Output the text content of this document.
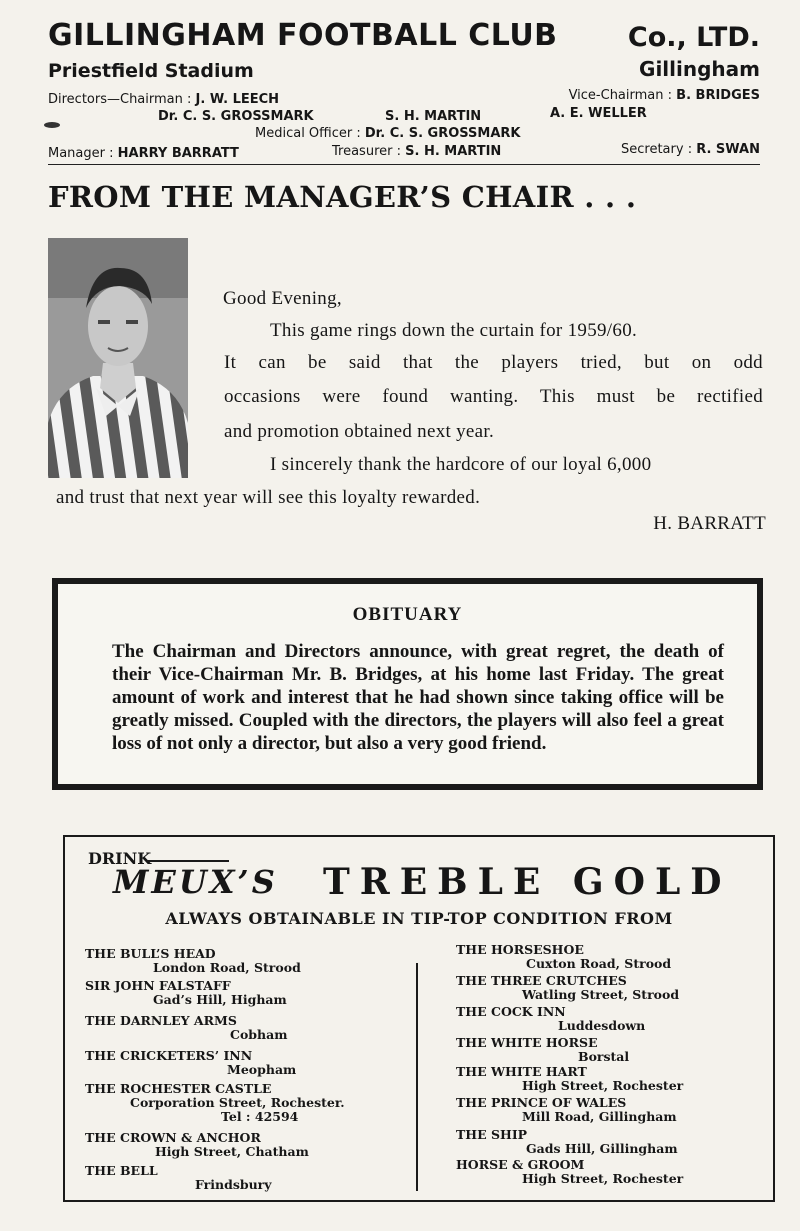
GILLINGHAM FOOTBALL CLUB	Co., LTD.
Priestfield Stadium	Gillingham
Directors—Chairman : J. W. LEECH	Vice-Chairman : B. BRIDGES
Dr. C. S. GROSSMARK	S. H. MARTIN	A. E. WELLER
Medical Officer : Dr. C. S. GROSSMARK
Manager : HARRY BARRATT	Treasurer : S. H. MARTIN	Secretary : R. SWAN
FROM THE MANAGER’S CHAIR . . .
Good Evening,
This game rings down the curtain for 1959/60.
It can be said that the players tried, but on odd
occasions were found wanting. This must be rectified
and promotion obtained next year.
I sincerely thank the hardcore of our loyal 6,000
and trust that next year will see this loyalty rewarded.
H. BARRATT
OBITUARY
The Chairman and Directors announce, with great regret, the death of their Vice-Chairman Mr. B. Bridges, at his home last Friday. The great amount of work and interest that he had shown since taking office will be greatly missed. Coupled with the directors, the players will also feel a great loss of not only a director, but also a very good friend.
DRINK
MEUX’S TREBLE GOLD
ALWAYS OBTAINABLE IN TIP-TOP CONDITION FROM
THE BULL’S HEAD
London Road, Strood
SIR JOHN FALSTAFF
Gad’s Hill, Higham
THE DARNLEY ARMS
Cobham
THE CRICKETERS’ INN
Meopham
THE ROCHESTER CASTLE
Corporation Street, Rochester.
Tel : 42594
THE CROWN & ANCHOR
High Street, Chatham
THE BELL
Frindsbury
THE HORSESHOE
Cuxton Road, Strood
THE THREE CRUTCHES
Watling Street, Strood
THE COCK INN
Luddesdown
THE WHITE HORSE
Borstal
THE WHITE HART
High Street, Rochester
THE PRINCE OF WALES
Mill Road, Gillingham
THE SHIP
Gads Hill, Gillingham
HORSE & GROOM
High Street, Rochester
